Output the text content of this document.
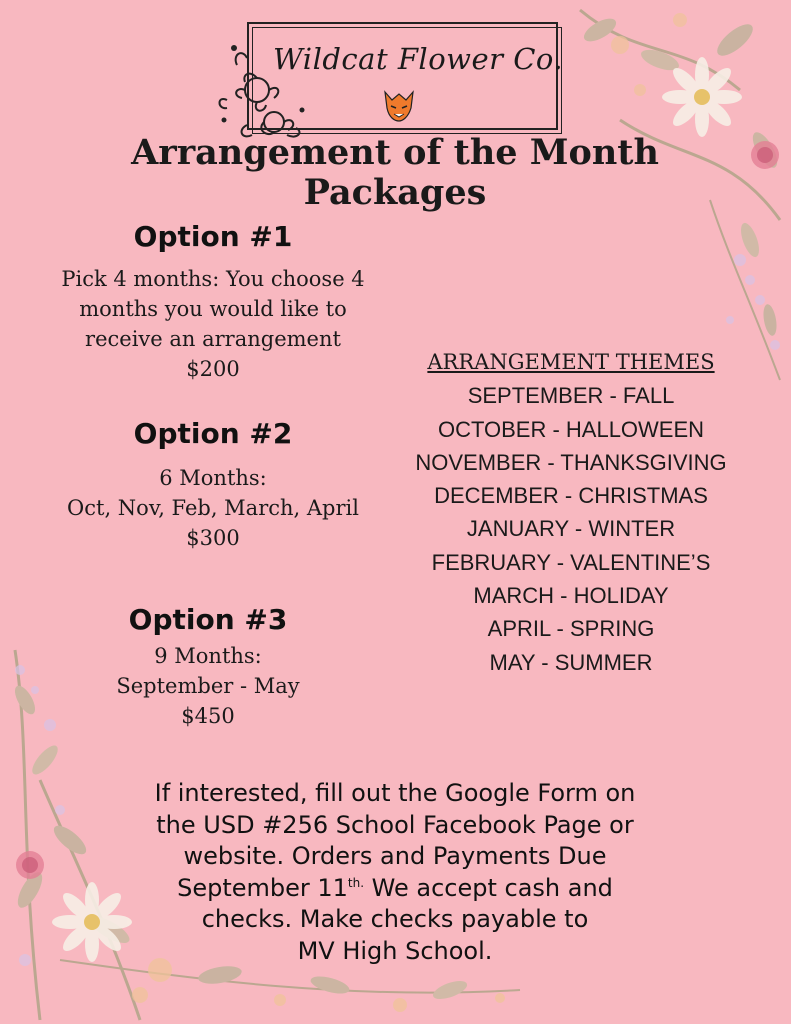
Wildcat Flower Co.
Arrangement of the Month
Packages
Option #1
Pick 4 months: You choose 4
months you would like to
receive an arrangement
$200
Option #2
6 Months:
Oct, Nov, Feb, March, April
$300
Option #3
9 Months:
September - May
$450
ARRANGEMENT THEMES
SEPTEMBER - FALL
OCTOBER - HALLOWEEN
NOVEMBER - THANKSGIVING
DECEMBER - CHRISTMAS
JANUARY - WINTER
FEBRUARY - VALENTINE’S
MARCH - HOLIDAY
APRIL - SPRING
MAY - SUMMER
If interested, fill out the Google Form on
the USD #256 School Facebook Page or
website. Orders and Payments Due
September $11^{th.}$ We accept cash and
checks. Make checks payable to
MV High School.
